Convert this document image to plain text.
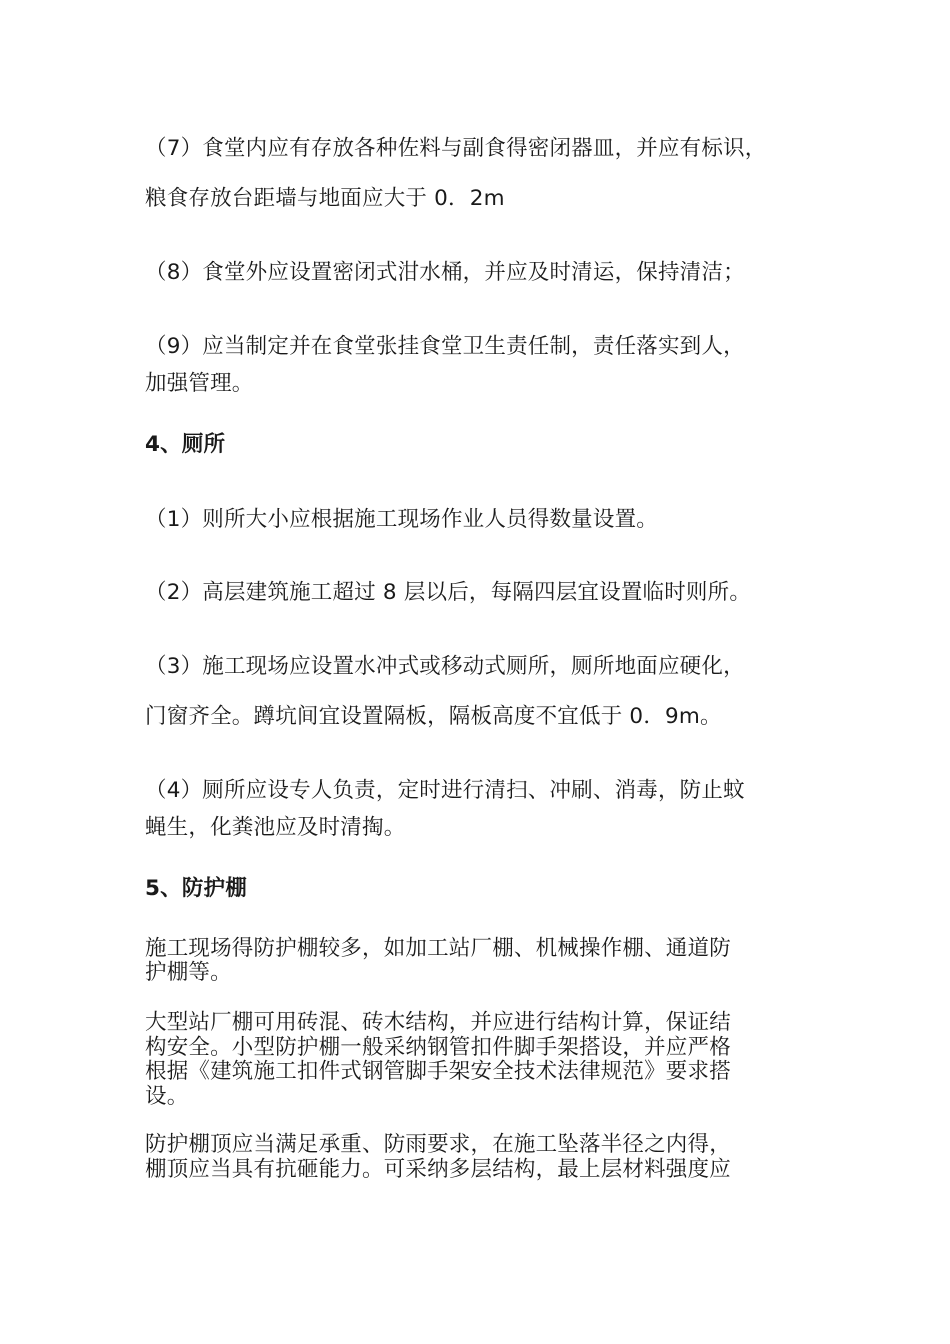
（7）食堂内应有存放各种佐料与副食得密闭器皿，并应有标识，
粮食存放台距墙与地面应大于 0．2m
（8）食堂外应设置密闭式泔水桶，并应及时清运，保持清洁；
（9）应当制定并在食堂张挂食堂卫生责任制，责任落实到人，
加强管理。
4、厕所
（1）则所大小应根据施工现场作业人员得数量设置。
（2）高层建筑施工超过 8 层以后，每隔四层宜设置临时则所。
（3）施工现场应设置水冲式或移动式厕所，厕所地面应硬化，
门窗齐全。蹲坑间宜设置隔板，隔板高度不宜低于 0．9m。
（4）厕所应设专人负责，定时进行清扫、冲刷、消毒，防止蚊
蝇生，化粪池应及时清掏。
5、防护棚
施工现场得防护棚较多，如加工站厂棚、机械操作棚、通道防
护棚等。
大型站厂棚可用砖混、砖木结构，并应进行结构计算，保证结
构安全。小型防护棚一般采纳钢管扣件脚手架搭设，并应严格
根据《建筑施工扣件式钢管脚手架安全技术法律规范》要求搭
设。
防护棚顶应当满足承重、防雨要求，在施工坠落半径之内得，
棚顶应当具有抗砸能力。可采纳多层结构，最上层材料强度应
